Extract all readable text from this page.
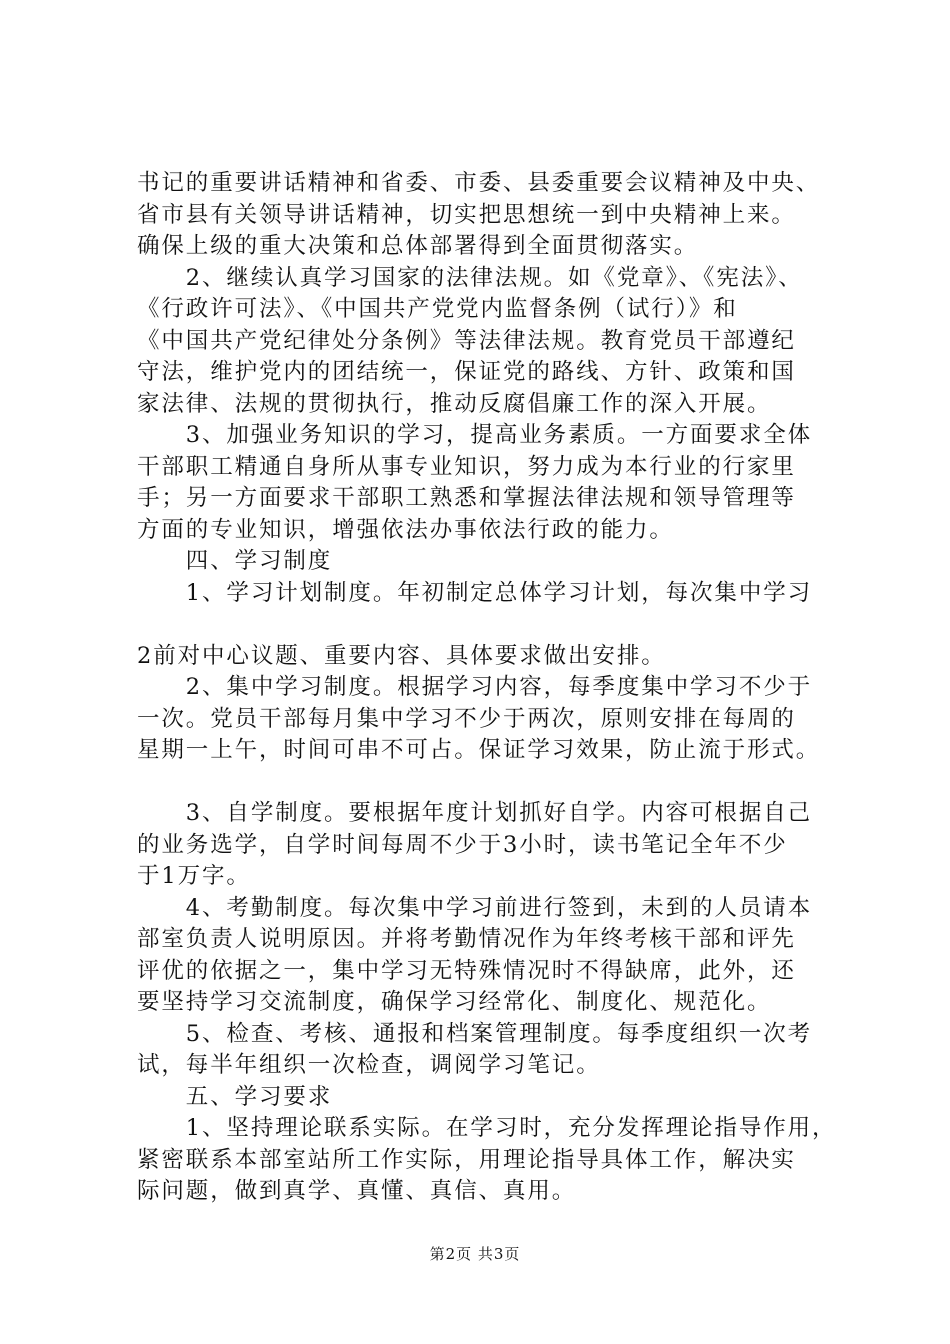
书记的重要讲话精神和省委、市委、县委重要会议精神及中央、
省市县有关领导讲话精神，切实把思想统一到中央精神上来。
确保上级的重大决策和总体部署得到全面贯彻落实。
　　2、继续认真学习国家的法律法规。如《党章》、《宪法》、
《行政许可法》、《中国共产党党内监督条例（试行）》和
《中国共产党纪律处分条例》等法律法规。教育党员干部遵纪
守法，维护党内的团结统一，保证党的路线、方针、政策和国
家法律、法规的贯彻执行，推动反腐倡廉工作的深入开展。
　　3、加强业务知识的学习，提高业务素质。一方面要求全体
干部职工精通自身所从事专业知识，努力成为本行业的行家里
手；另一方面要求干部职工熟悉和掌握法律法规和领导管理等
方面的专业知识，增强依法办事依法行政的能力。
　　四、学习制度
　　1、学习计划制度。年初制定总体学习计划，每次集中学习
2前对中心议题、重要内容、具体要求做出安排。
　　2、集中学习制度。根据学习内容，每季度集中学习不少于
一次。党员干部每月集中学习不少于两次，原则安排在每周的
星期一上午，时间可串不可占。保证学习效果，防止流于形式。
　　3、自学制度。要根据年度计划抓好自学。内容可根据自己
的业务选学，自学时间每周不少于3小时，读书笔记全年不少
于1万字。
　　4、考勤制度。每次集中学习前进行签到，未到的人员请本
部室负责人说明原因。并将考勤情况作为年终考核干部和评先
评优的依据之一，集中学习无特殊情况时不得缺席，此外，还
要坚持学习交流制度，确保学习经常化、制度化、规范化。
　　5、检查、考核、通报和档案管理制度。每季度组织一次考
试，每半年组织一次检查，调阅学习笔记。
　　五、学习要求
　　1、坚持理论联系实际。在学习时，充分发挥理论指导作用，
紧密联系本部室站所工作实际，用理论指导具体工作，解决实
际问题，做到真学、真懂、真信、真用。
第2页 共3页
